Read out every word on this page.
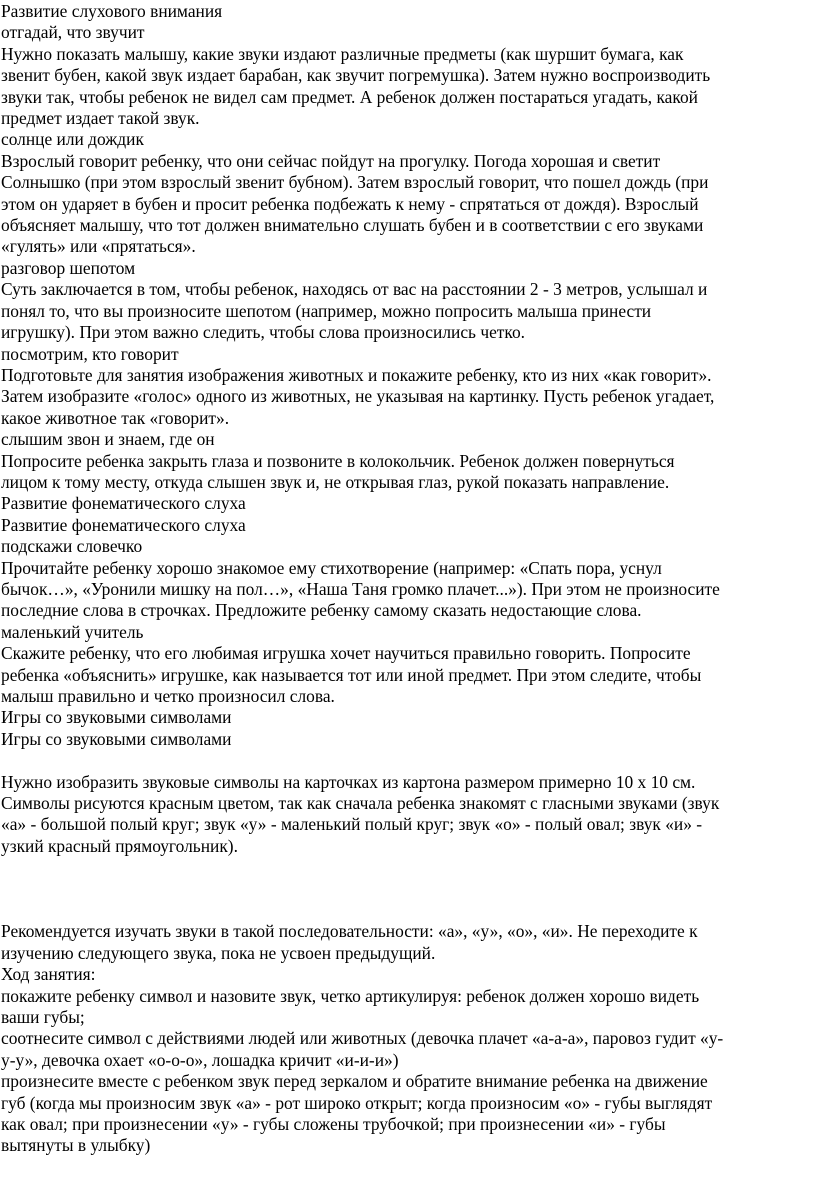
Развитие слухового внимания
отгадай, что звучит
Нужно показать малышу, какие звуки издают различные предметы (как шуршит бумага, как
звенит бубен, какой звук издает барабан, как звучит погремушка). Затем нужно воспроизводить
звуки так, чтобы ребенок не видел сам предмет. А ребенок должен постараться угадать, какой
предмет издает такой звук.
солнце или дождик
Взрослый говорит ребенку, что они сейчас пойдут на прогулку. Погода хорошая и светит
Солнышко (при этом взрослый звенит бубном). Затем взрослый говорит, что пошел дождь (при
этом он ударяет в бубен и просит ребенка подбежать к нему - спрятаться от дождя). Взрослый
объясняет малышу, что тот должен внимательно слушать бубен и в соответствии с его звуками
«гулять» или «прятаться».
разговор шепотом
Суть заключается в том, чтобы ребенок, находясь от вас на расстоянии 2 - 3 метров, услышал и
понял то, что вы произносите шепотом (например, можно попросить малыша принести
игрушку). При этом важно следить, чтобы слова произносились четко.
посмотрим, кто говорит
Подготовьте для занятия изображения животных и покажите ребенку, кто из них «как говорит».
Затем изобразите «голос» одного из животных, не указывая на картинку. Пусть ребенок угадает,
какое животное так «говорит».
слышим звон и знаем, где он
Попросите ребенка закрыть глаза и позвоните в колокольчик. Ребенок должен повернуться
лицом к тому месту, откуда слышен звук и, не открывая глаз, рукой показать направление.
Развитие фонематического слуха
Развитие фонематического слуха
подскажи словечко
Прочитайте ребенку хорошо знакомое ему стихотворение (например: «Спать пора, уснул
бычок…», «Уронили мишку на пол…», «Наша Таня громко плачет...»). При этом не произносите
последние слова в строчках. Предложите ребенку самому сказать недостающие слова.
маленький учитель
Скажите ребенку, что его любимая игрушка хочет научиться правильно говорить. Попросите
ребенка «объяснить» игрушке, как называется тот или иной предмет. При этом следите, чтобы
малыш правильно и четко произносил слова.
Игры со звуковыми символами
Игры со звуковыми символами
Нужно изобразить звуковые символы на карточках из картона размером примерно 10 х 10 см.
Символы рисуются красным цветом, так как сначала ребенка знакомят с гласными звуками (звук
«а» - большой полый круг; звук «у» - маленький полый круг; звук «о» - полый овал; звук «и» -
узкий красный прямоугольник).
Рекомендуется изучать звуки в такой последовательности: «а», «у», «о», «и». Не переходите к
изучению следующего звука, пока не усвоен предыдущий.
Ход занятия:
покажите ребенку символ и назовите звук, четко артикулируя: ребенок должен хорошо видеть
ваши губы;
соотнесите символ с действиями людей или животных (девочка плачет «а-а-а», паровоз гудит «у-
у-у», девочка охает «о-о-о», лошадка кричит «и-и-и»)
произнесите вместе с ребенком звук перед зеркалом и обратите внимание ребенка на движение
губ (когда мы произносим звук «а» - рот широко открыт; когда произносим «о» - губы выглядят
как овал; при произнесении «у» - губы сложены трубочкой; при произнесении «и» - губы
вытянуты в улыбку)
